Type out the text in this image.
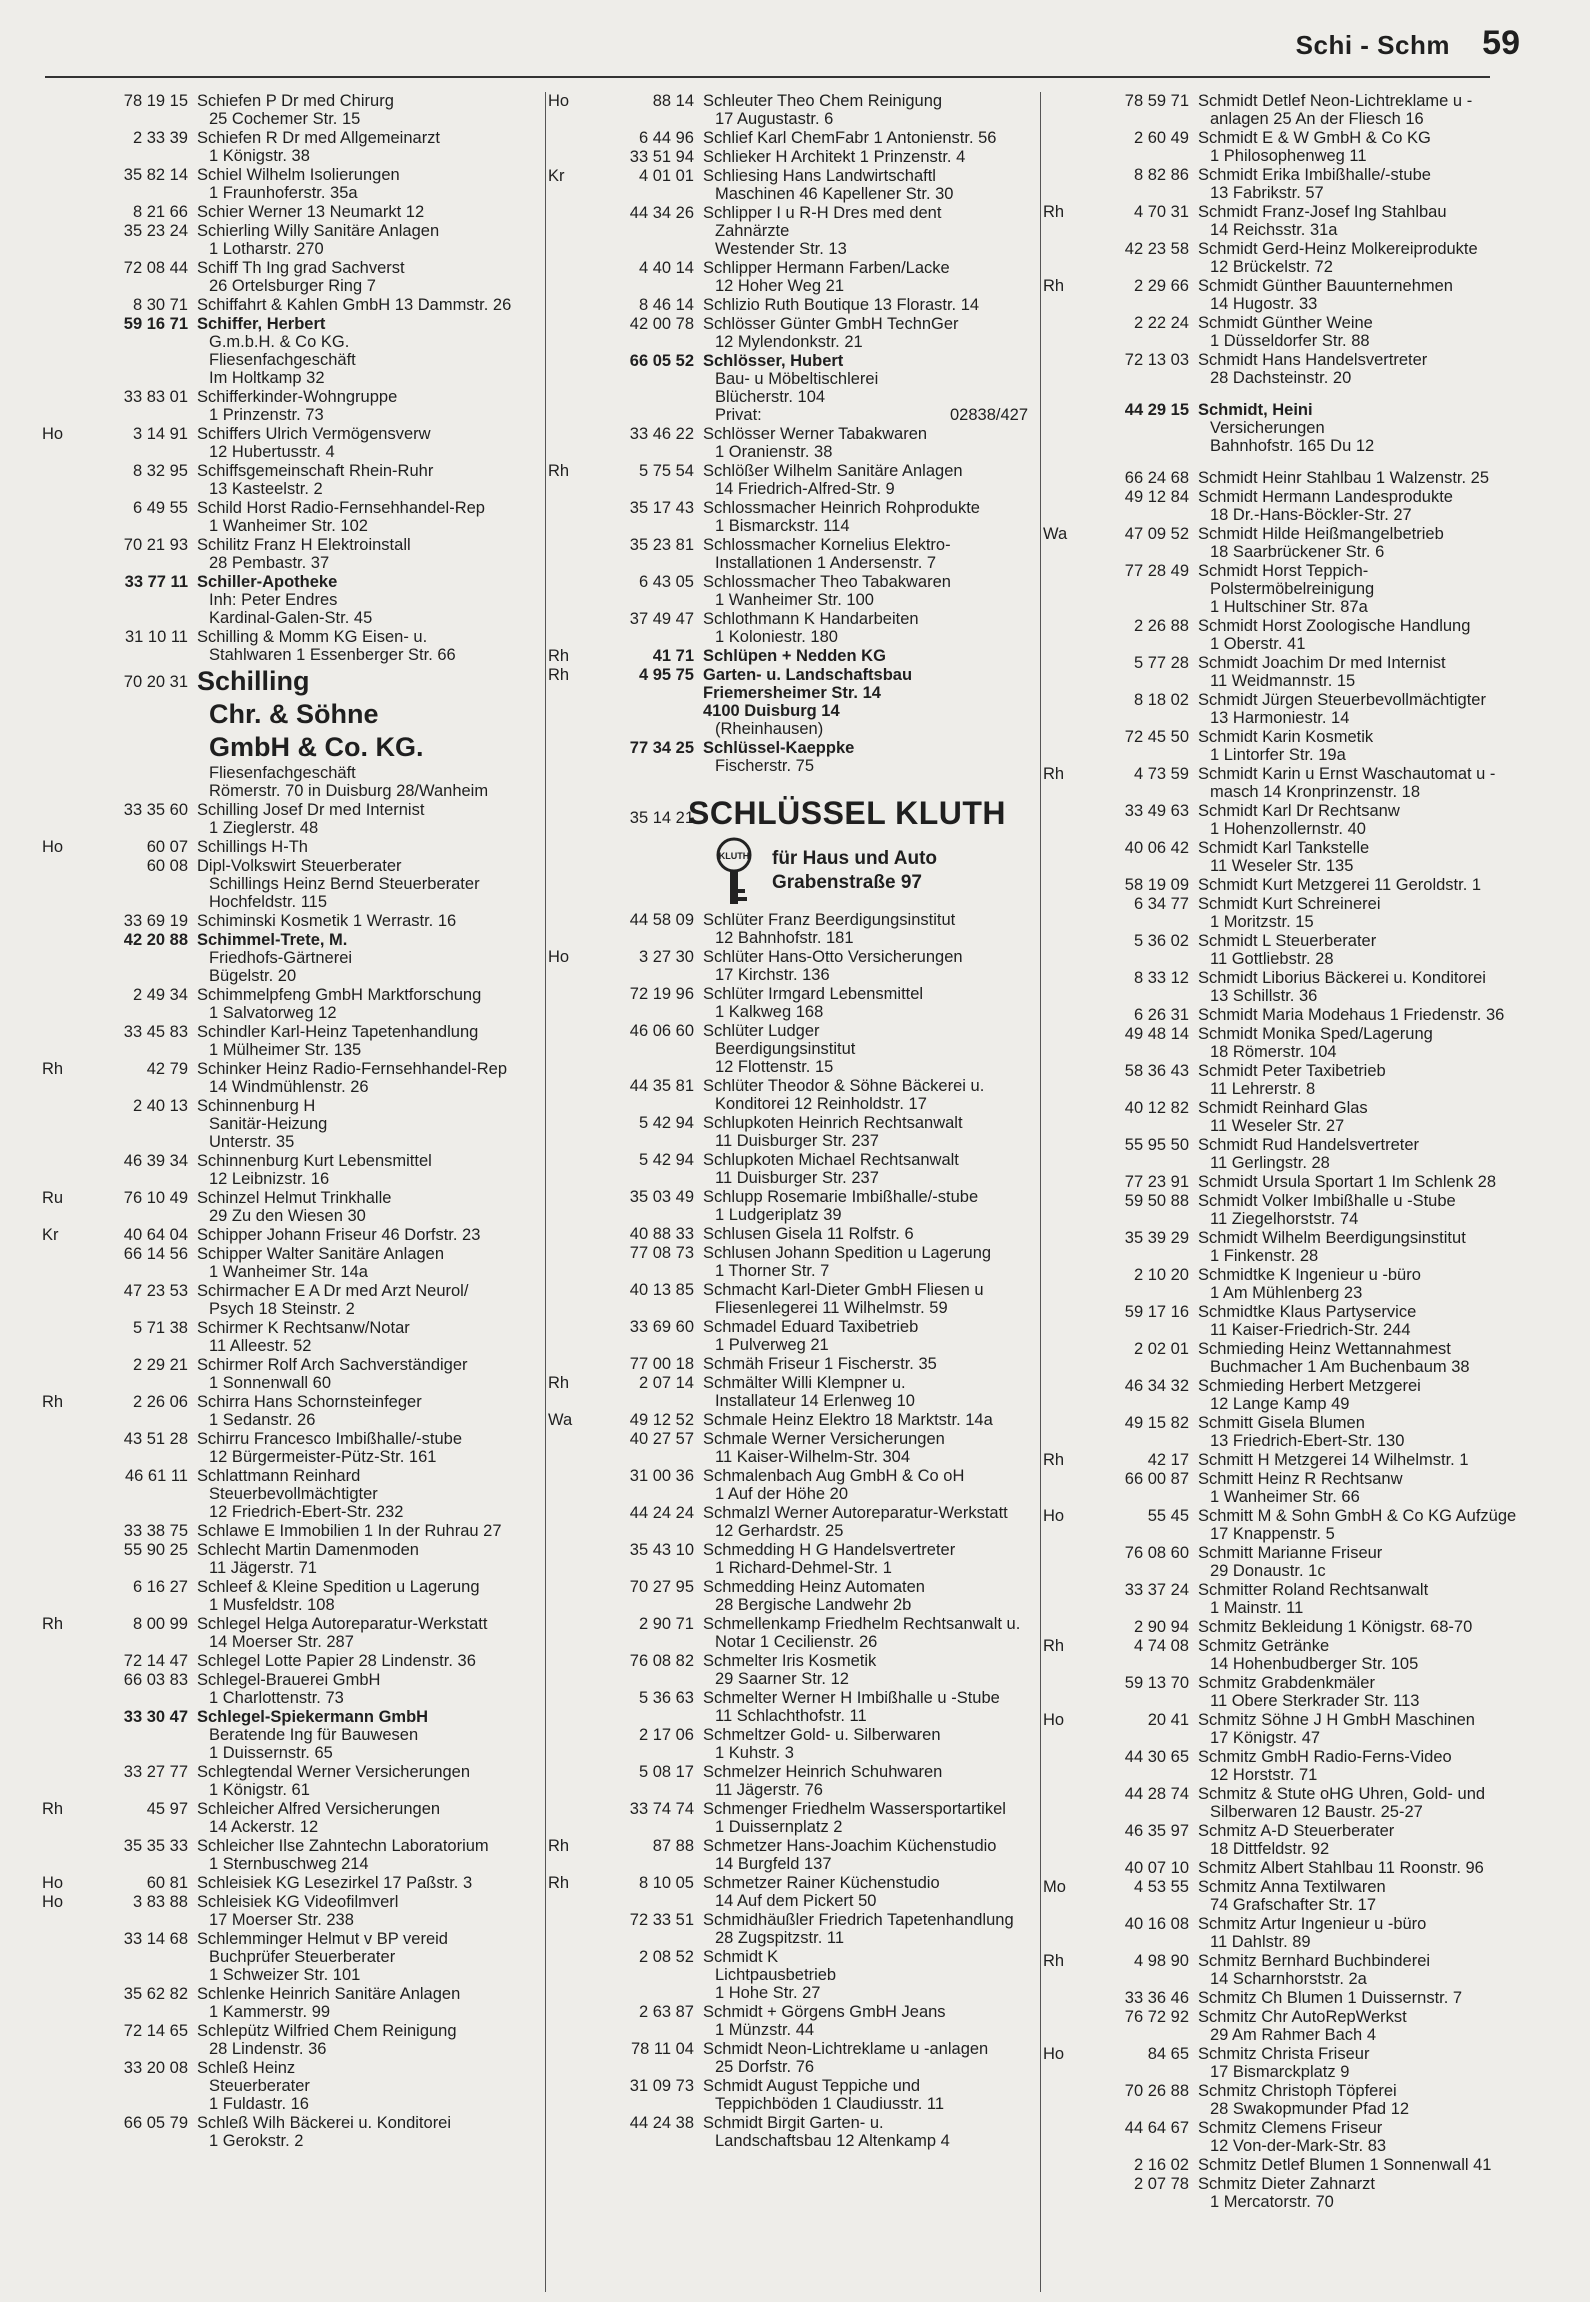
Schi - Schm 59
78 19 15 Schiefen P Dr med Chirurg
25 Cochemer Str. 15
2 33 39 Schiefen R Dr med Allgemeinarzt
1 Königstr. 38
35 82 14 Schiel Wilhelm Isolierungen
1 Fraunhoferstr. 35a
8 21 66 Schier Werner 13 Neumarkt 12
35 23 24 Schierling Willy Sanitäre Anlagen
1 Lotharstr. 270
72 08 44 Schiff Th Ing grad Sachverst
26 Ortelsburger Ring 7
8 30 71 Schiffahrt & Kahlen GmbH 13 Dammstr. 26
59 16 71 Schiffer, Herbert
G.m.b.H. & Co KG.
Fliesenfachgeschäft
Im Holtkamp 32
33 83 01 Schifferkinder-Wohngruppe
1 Prinzenstr. 73
Ho	3 14 91 Schiffers Ulrich Vermögensverw
12 Hubertusstr. 4
8 32 95 Schiffsgemeinschaft Rhein-Ruhr
13 Kasteelstr. 2
6 49 55 Schild Horst Radio-Fernsehhandel-Rep
1 Wanheimer Str. 102
70 21 93 Schilitz Franz H Elektroinstall
28 Pembastr. 37
33 77 11 Schiller-Apotheke
Inh: Peter Endres
Kardinal-Galen-Str. 45
31 10 11 Schilling & Momm KG Eisen- u.
Stahlwaren 1 Essenberger Str. 66
70 20 31 Schilling
Chr. & Söhne
GmbH & Co. KG.
Fliesenfachgeschäft
Römerstr. 70 in Duisburg 28/Wanheim
33 35 60 Schilling Josef Dr med Internist
1 Zieglerstr. 48
Ho	60 07 Schillings H-Th
60 08 Dipl-Volkswirt Steuerberater
Schillings Heinz Bernd Steuerberater
Hochfeldstr. 115
33 69 19 Schiminski Kosmetik 1 Werrastr. 16
42 20 88 Schimmel-Trete, M.
Friedhofs-Gärtnerei
Bügelstr. 20
2 49 34 Schimmelpfeng GmbH Marktforschung
1 Salvatorweg 12
33 45 83 Schindler Karl-Heinz Tapetenhandlung
1 Mülheimer Str. 135
Rh	42 79 Schinker Heinz Radio-Fernsehhandel-Rep
14 Windmühlenstr. 26
2 40 13 Schinnenburg H
Sanitär-Heizung
Unterstr. 35
46 39 34 Schinnenburg Kurt Lebensmittel
12 Leibnizstr. 16
Ru	76 10 49 Schinzel Helmut Trinkhalle
29 Zu den Wiesen 30
Kr	40 64 04 Schipper Johann Friseur 46 Dorfstr. 23
66 14 56 Schipper Walter Sanitäre Anlagen
1 Wanheimer Str. 14a
47 23 53 Schirmacher E A Dr med Arzt Neurol/
Psych 18 Steinstr. 2
5 71 38 Schirmer K Rechtsanw/Notar
11 Alleestr. 52
2 29 21 Schirmer Rolf Arch Sachverständiger
1 Sonnenwall 60
Rh	2 26 06 Schirra Hans Schornsteinfeger
1 Sedanstr. 26
43 51 28 Schirru Francesco Imbißhalle/-stube
12 Bürgermeister-Pütz-Str. 161
46 61 11 Schlattmann Reinhard
Steuerbevollmächtigter
12 Friedrich-Ebert-Str. 232
33 38 75 Schlawe E Immobilien 1 In der Ruhrau 27
55 90 25 Schlecht Martin Damenmoden
11 Jägerstr. 71
6 16 27 Schleef & Kleine Spedition u Lagerung
1 Musfeldstr. 108
Rh	8 00 99 Schlegel Helga Autoreparatur-Werkstatt
14 Moerser Str. 287
72 14 47 Schlegel Lotte Papier 28 Lindenstr. 36
66 03 83 Schlegel-Brauerei GmbH
1 Charlottenstr. 73
33 30 47 Schlegel-Spiekermann GmbH
Beratende Ing für Bauwesen
1 Duissernstr. 65
33 27 77 Schlegtendal Werner Versicherungen
1 Königstr. 61
Rh	45 97 Schleicher Alfred Versicherungen
14 Ackerstr. 12
35 35 33 Schleicher Ilse Zahntechn Laboratorium
1 Sternbuschweg 214
Ho	60 81 Schleisiek KG Lesezirkel 17 Paßstr. 3
Ho	3 83 88 Schleisiek KG Videofilmverl
17 Moerser Str. 238
33 14 68 Schlemminger Helmut v BP vereid
Buchprüfer Steuerberater
1 Schweizer Str. 101
35 62 82 Schlenke Heinrich Sanitäre Anlagen
1 Kammerstr. 99
72 14 65 Schlepütz Wilfried Chem Reinigung
28 Lindenstr. 36
33 20 08 Schleß Heinz
Steuerberater
1 Fuldastr. 16
66 05 79 Schleß Wilh Bäckerei u. Konditorei
1 Gerokstr. 2
Ho	88 14 Schleuter Theo Chem Reinigung
17 Augustastr. 6
6 44 96 Schlief Karl ChemFabr 1 Antonienstr. 56
33 51 94 Schlieker H Architekt 1 Prinzenstr. 4
Kr	4 01 01 Schliesing Hans Landwirtschaftl
Maschinen 46 Kapellener Str. 30
44 34 26 Schlipper I u R-H Dres med dent
Zahnärzte
Westender Str. 13
4 40 14 Schlipper Hermann Farben/Lacke
12 Hoher Weg 21
8 46 14 Schlizio Ruth Boutique 13 Florastr. 14
42 00 78 Schlösser Günter GmbH TechnGer
12 Mylendonkstr. 21
66 05 52 Schlösser, Hubert
Bau- u Möbeltischlerei
Blücherstr. 104
Privat:	02838/427
33 46 22 Schlösser Werner Tabakwaren
1 Oranienstr. 38
Rh	5 75 54 Schlößer Wilhelm Sanitäre Anlagen
14 Friedrich-Alfred-Str. 9
35 17 43 Schlossmacher Heinrich Rohprodukte
1 Bismarckstr. 114
35 23 81 Schlossmacher Kornelius Elektro-
Installationen 1 Andersenstr. 7
6 43 05 Schlossmacher Theo Tabakwaren
1 Wanheimer Str. 100
37 49 47 Schlothmann K Handarbeiten
1 Koloniestr. 180
Rh	41 71 Schlüpen + Nedden KG
Rh	4 95 75 Garten- u. Landschaftsbau
Friemersheimer Str. 14
4100 Duisburg 14
(Rheinhausen)
77 34 25 Schlüssel-Kaeppke
Fischerstr. 75
35 14 21
SCHLÜSSEL KLUTH
KLUTH für Haus und Auto
Grabenstraße 97
44 58 09 Schlüter Franz Beerdigungsinstitut
12 Bahnhofstr. 181
Ho	3 27 30 Schlüter Hans-Otto Versicherungen
17 Kirchstr. 136
72 19 96 Schlüter Irmgard Lebensmittel
1 Kalkweg 168
46 06 60 Schlüter Ludger
Beerdigungsinstitut
12 Flottenstr. 15
44 35 81 Schlüter Theodor & Söhne Bäckerei u.
Konditorei 12 Reinholdstr. 17
5 42 94 Schlupkoten Heinrich Rechtsanwalt
11 Duisburger Str. 237
5 42 94 Schlupkoten Michael Rechtsanwalt
11 Duisburger Str. 237
35 03 49 Schlupp Rosemarie Imbißhalle/-stube
1 Ludgeriplatz 39
40 88 33 Schlusen Gisela 11 Rolfstr. 6
77 08 73 Schlusen Johann Spedition u Lagerung
1 Thorner Str. 7
40 13 85 Schmacht Karl-Dieter GmbH Fliesen u
Fliesenlegerei 11 Wilhelmstr. 59
33 69 60 Schmadel Eduard Taxibetrieb
1 Pulverweg 21
77 00 18 Schmäh Friseur 1 Fischerstr. 35
Rh	2 07 14 Schmälter Willi Klempner u.
Installateur 14 Erlenweg 10
Wa	49 12 52 Schmale Heinz Elektro 18 Marktstr. 14a
40 27 57 Schmale Werner Versicherungen
11 Kaiser-Wilhelm-Str. 304
31 00 36 Schmalenbach Aug GmbH & Co oH
1 Auf der Höhe 20
44 24 24 Schmalzl Werner Autoreparatur-Werkstatt
12 Gerhardstr. 25
35 43 10 Schmedding H G Handelsvertreter
1 Richard-Dehmel-Str. 1
70 27 95 Schmedding Heinz Automaten
28 Bergische Landwehr 2b
2 90 71 Schmellenkamp Friedhelm Rechtsanwalt u.
Notar 1 Cecilienstr. 26
76 08 82 Schmelter Iris Kosmetik
29 Saarner Str. 12
5 36 63 Schmelter Werner H Imbißhalle u -Stube
11 Schlachthofstr. 11
2 17 06 Schmeltzer Gold- u. Silberwaren
1 Kuhstr. 3
5 08 17 Schmelzer Heinrich Schuhwaren
11 Jägerstr. 76
33 74 74 Schmenger Friedhelm Wassersportartikel
1 Duissernplatz 2
Rh	87 88 Schmetzer Hans-Joachim Küchenstudio
14 Burgfeld 137
Rh	8 10 05 Schmetzer Rainer Küchenstudio
14 Auf dem Pickert 50
72 33 51 Schmidhäußler Friedrich Tapetenhandlung
28 Zugspitzstr. 11
2 08 52 Schmidt K
Lichtpausbetrieb
1 Hohe Str. 27
2 63 87 Schmidt + Görgens GmbH Jeans
1 Münzstr. 44
78 11 04 Schmidt Neon-Lichtreklame u -anlagen
25 Dorfstr. 76
31 09 73 Schmidt August Teppiche und
Teppichböden 1 Claudiusstr. 11
44 24 38 Schmidt Birgit Garten- u.
Landschaftsbau 12 Altenkamp 4
78 59 71 Schmidt Detlef Neon-Lichtreklame u -
anlagen 25 An der Fliesch 16
2 60 49 Schmidt E & W GmbH & Co KG
1 Philosophenweg 11
8 82 86 Schmidt Erika Imbißhalle/-stube
13 Fabrikstr. 57
Rh	4 70 31 Schmidt Franz-Josef Ing Stahlbau
14 Reichsstr. 31a
42 23 58 Schmidt Gerd-Heinz Molkereiprodukte
12 Brückelstr. 72
Rh	2 29 66 Schmidt Günther Bauunternehmen
14 Hugostr. 33
2 22 24 Schmidt Günther Weine
1 Düsseldorfer Str. 88
72 13 03 Schmidt Hans Handelsvertreter
28 Dachsteinstr. 20
44 29 15 Schmidt, Heini
Versicherungen
Bahnhofstr. 165 Du 12
66 24 68 Schmidt Heinr Stahlbau 1 Walzenstr. 25
49 12 84 Schmidt Hermann Landesprodukte
18 Dr.-Hans-Böckler-Str. 27
Wa	47 09 52 Schmidt Hilde Heißmangelbetrieb
18 Saarbrückener Str. 6
77 28 49 Schmidt Horst Teppich-
Polstermöbelreinigung
1 Hultschiner Str. 87a
2 26 88 Schmidt Horst Zoologische Handlung
1 Oberstr. 41
5 77 28 Schmidt Joachim Dr med Internist
11 Weidmannstr. 15
8 18 02 Schmidt Jürgen Steuerbevollmächtigter
13 Harmoniestr. 14
72 45 50 Schmidt Karin Kosmetik
1 Lintorfer Str. 19a
Rh	4 73 59 Schmidt Karin u Ernst Waschautomat u -
masch 14 Kronprinzenstr. 18
33 49 63 Schmidt Karl Dr Rechtsanw
1 Hohenzollernstr. 40
40 06 42 Schmidt Karl Tankstelle
11 Weseler Str. 135
58 19 09 Schmidt Kurt Metzgerei 11 Geroldstr. 1
6 34 77 Schmidt Kurt Schreinerei
1 Moritzstr. 15
5 36 02 Schmidt L Steuerberater
11 Gottliebstr. 28
8 33 12 Schmidt Liborius Bäckerei u. Konditorei
13 Schillstr. 36
6 26 31 Schmidt Maria Modehaus 1 Friedenstr. 36
49 48 14 Schmidt Monika Sped/Lagerung
18 Römerstr. 104
58 36 43 Schmidt Peter Taxibetrieb
11 Lehrerstr. 8
40 12 82 Schmidt Reinhard Glas
11 Weseler Str. 27
55 95 50 Schmidt Rud Handelsvertreter
11 Gerlingstr. 28
77 23 91 Schmidt Ursula Sportart 1 Im Schlenk 28
59 50 88 Schmidt Volker Imbißhalle u -Stube
11 Ziegelhorststr. 74
35 39 29 Schmidt Wilhelm Beerdigungsinstitut
1 Finkenstr. 28
2 10 20 Schmidtke K Ingenieur u -büro
1 Am Mühlenberg 23
59 17 16 Schmidtke Klaus Partyservice
11 Kaiser-Friedrich-Str. 244
2 02 01 Schmieding Heinz Wettannahmest
Buchmacher 1 Am Buchenbaum 38
46 34 32 Schmieding Herbert Metzgerei
12 Lange Kamp 49
49 15 82 Schmitt Gisela Blumen
13 Friedrich-Ebert-Str. 130
Rh	42 17 Schmitt H Metzgerei 14 Wilhelmstr. 1
66 00 87 Schmitt Heinz R Rechtsanw
1 Wanheimer Str. 66
Ho	55 45 Schmitt M & Sohn GmbH & Co KG Aufzüge
17 Knappenstr. 5
76 08 60 Schmitt Marianne Friseur
29 Donaustr. 1c
33 37 24 Schmitter Roland Rechtsanwalt
1 Mainstr. 11
2 90 94 Schmitz Bekleidung 1 Königstr. 68-70
Rh	4 74 08 Schmitz Getränke
14 Hohenbudberger Str. 105
59 13 70 Schmitz Grabdenkmäler
11 Obere Sterkrader Str. 113
Ho	20 41 Schmitz Söhne J H GmbH Maschinen
17 Königstr. 47
44 30 65 Schmitz GmbH Radio-Ferns-Video
12 Horststr. 71
44 28 74 Schmitz & Stute oHG Uhren, Gold- und
Silberwaren 12 Baustr. 25-27
46 35 97 Schmitz A-D Steuerberater
18 Dittfeldstr. 92
40 07 10 Schmitz Albert Stahlbau 11 Roonstr. 96
Mo	4 53 55 Schmitz Anna Textilwaren
74 Grafschafter Str. 17
40 16 08 Schmitz Artur Ingenieur u -büro
11 Dahlstr. 89
Rh	4 98 90 Schmitz Bernhard Buchbinderei
14 Scharnhorststr. 2a
33 36 46 Schmitz Ch Blumen 1 Duissernstr. 7
76 72 92 Schmitz Chr AutoRepWerkst
29 Am Rahmer Bach 4
Ho	84 65 Schmitz Christa Friseur
17 Bismarckplatz 9
70 26 88 Schmitz Christoph Töpferei
28 Swakopmunder Pfad 12
44 64 67 Schmitz Clemens Friseur
12 Von-der-Mark-Str. 83
2 16 02 Schmitz Detlef Blumen 1 Sonnenwall 41
2 07 78 Schmitz Dieter Zahnarzt
1 Mercatorstr. 70
